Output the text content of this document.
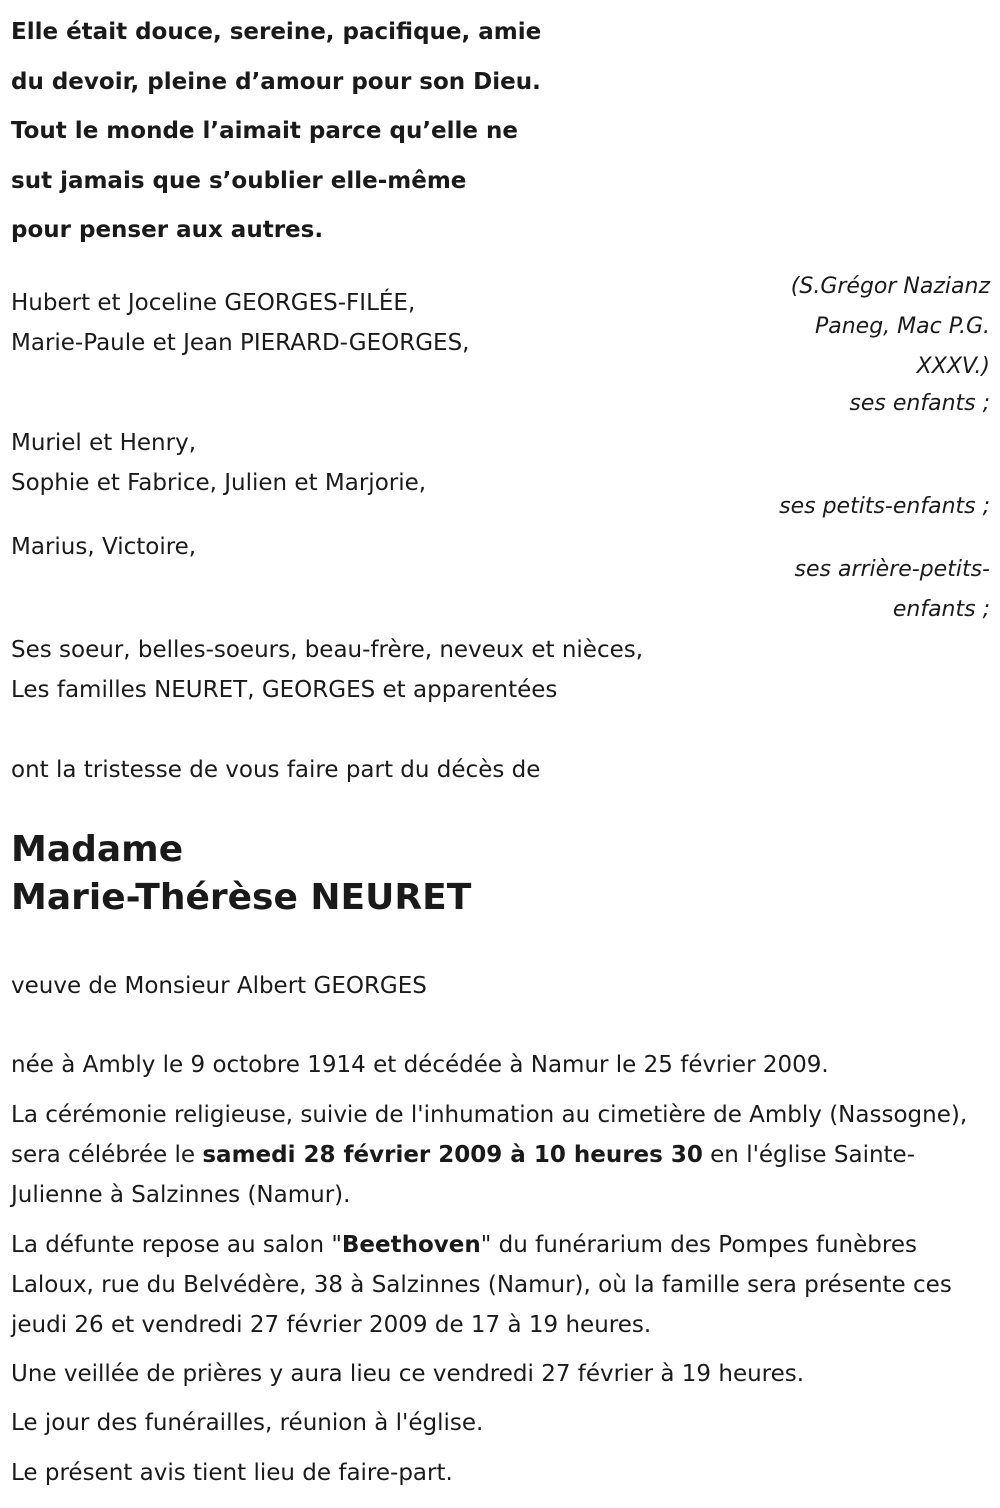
Elle était douce, sereine, pacifique, amie
du devoir, pleine d’amour pour son Dieu.
Tout le monde l’aimait parce qu’elle ne
sut jamais que s’oublier elle-même
pour penser aux autres.
(S.Grégor Nazianz
Paneg, Mac P.G.
XXXV.)
Hubert et Joceline GEORGES-FILÉE,
Marie-Paule et Jean PIERARD-GEORGES,
ses enfants ;
Muriel et Henry,
Sophie et Fabrice, Julien et Marjorie,
ses petits-enfants ;
Marius, Victoire,
ses arrière-petits-
enfants ;
Ses soeur, belles-soeurs, beau-frère, neveux et nièces,
Les familles NEURET, GEORGES et apparentées
ont la tristesse de vous faire part du décès de
Madame
Marie-Thérèse NEURET
veuve de Monsieur Albert GEORGES
née à Ambly le 9 octobre 1914 et décédée à Namur le 25 février 2009.
La cérémonie religieuse, suivie de l'inhumation au cimetière de Ambly (Nassogne), sera célébrée le samedi 28 février 2009 à 10 heures 30 en l'église Sainte-Julienne à Salzinnes (Namur).
La défunte repose au salon "Beethoven" du funérarium des Pompes funèbres Laloux, rue du Belvédère, 38 à Salzinnes (Namur), où la famille sera présente ces jeudi 26 et vendredi 27 février 2009 de 17 à 19 heures.
Une veillée de prières y aura lieu ce vendredi 27 février à 19 heures.
Le jour des funérailles, réunion à l'église.
Le présent avis tient lieu de faire-part.
